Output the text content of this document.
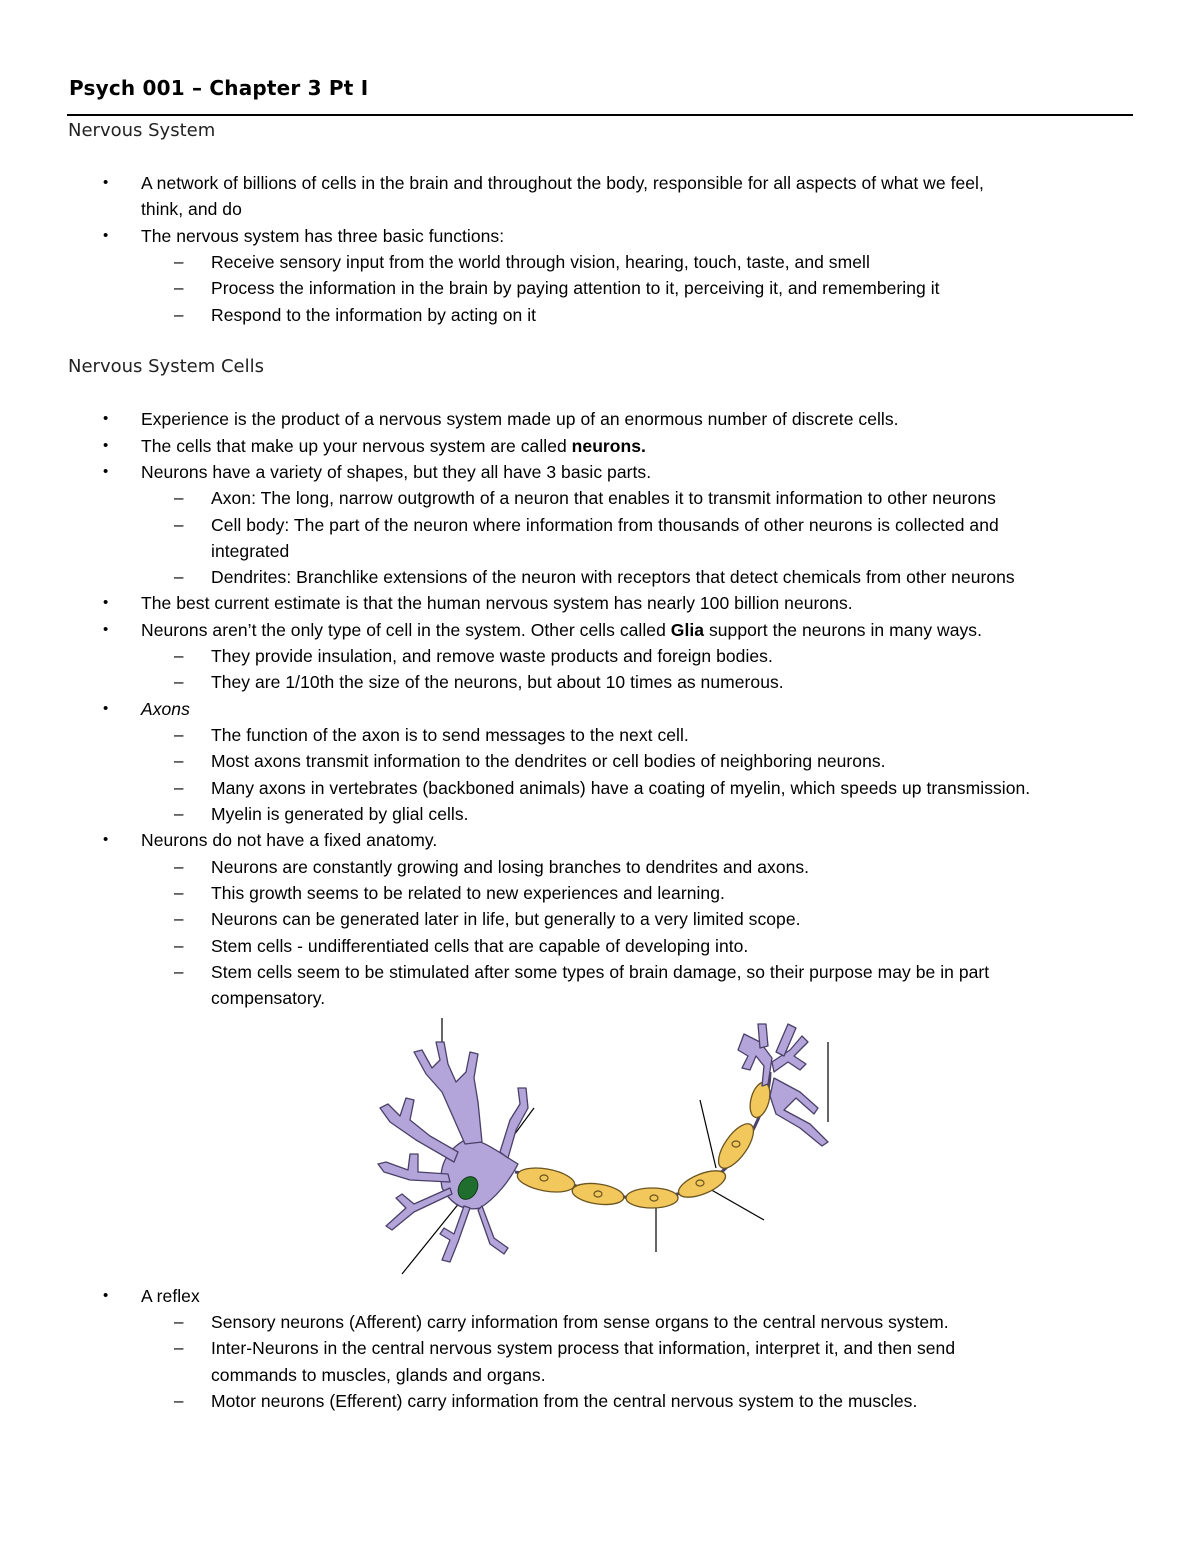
Psych 001 – Chapter 3 Pt I
Nervous System
• A network of billions of cells in the brain and throughout the body, responsible for all aspects of what we feel,
think, and do
• The nervous system has three basic functions:
– Receive sensory input from the world through vision, hearing, touch, taste, and smell
– Process the information in the brain by paying attention to it, perceiving it, and remembering it
– Respond to the information by acting on it
Nervous System Cells
• Experience is the product of a nervous system made up of an enormous number of discrete cells.
• The cells that make up your nervous system are called neurons.
• Neurons have a variety of shapes, but they all have 3 basic parts.
– Axon: The long, narrow outgrowth of a neuron that enables it to transmit information to other neurons
– Cell body: The part of the neuron where information from thousands of other neurons is collected and
integrated
– Dendrites: Branchlike extensions of the neuron with receptors that detect chemicals from other neurons
• The best current estimate is that the human nervous system has nearly 100 billion neurons.
• Neurons aren’t the only type of cell in the system. Other cells called Glia support the neurons in many ways.
– They provide insulation, and remove waste products and foreign bodies.
– They are 1/10th the size of the neurons, but about 10 times as numerous.
• Axons
– The function of the axon is to send messages to the next cell.
– Most axons transmit information to the dendrites or cell bodies of neighboring neurons.
– Many axons in vertebrates (backboned animals) have a coating of myelin, which speeds up transmission.
– Myelin is generated by glial cells.
• Neurons do not have a fixed anatomy.
– Neurons are constantly growing and losing branches to dendrites and axons.
– This growth seems to be related to new experiences and learning.
– Neurons can be generated later in life, but generally to a very limited scope.
– Stem cells - undifferentiated cells that are capable of developing into.
– Stem cells seem to be stimulated after some types of brain damage, so their purpose may be in part
compensatory.
• A reflex
– Sensory neurons (Afferent) carry information from sense organs to the central nervous system.
– Inter-Neurons in the central nervous system process that information, interpret it, and then send
commands to muscles, glands and organs.
– Motor neurons (Efferent) carry information from the central nervous system to the muscles.
